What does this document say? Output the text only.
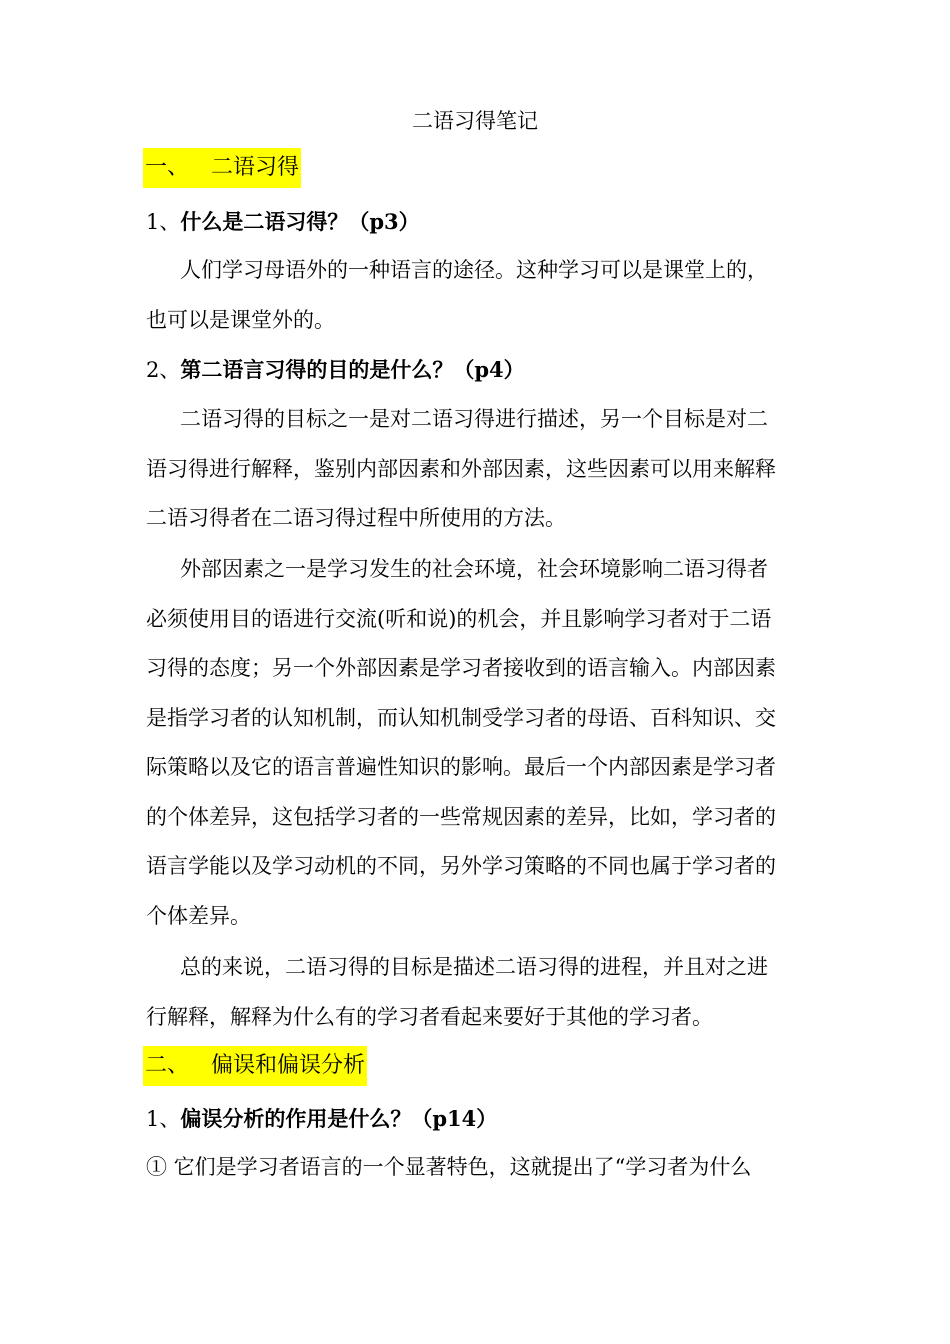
二语习得笔记
一、 二语习得
1、什么是二语习得？（p3）
人们学习母语外的一种语言的途径。这种学习可以是课堂上的，
也可以是课堂外的。
2、第二语言习得的目的是什么？（p4）
二语习得的目标之一是对二语习得进行描述，另一个目标是对二
语习得进行解释，鉴别内部因素和外部因素，这些因素可以用来解释
二语习得者在二语习得过程中所使用的方法。
外部因素之一是学习发生的社会环境，社会环境影响二语习得者
必须使用目的语进行交流(听和说)的机会，并且影响学习者对于二语
习得的态度；另一个外部因素是学习者接收到的语言输入。内部因素
是指学习者的认知机制，而认知机制受学习者的母语、百科知识、交
际策略以及它的语言普遍性知识的影响。最后一个内部因素是学习者
的个体差异，这包括学习者的一些常规因素的差异，比如，学习者的
语言学能以及学习动机的不同，另外学习策略的不同也属于学习者的
个体差异。
总的来说，二语习得的目标是描述二语习得的进程，并且对之进
行解释，解释为什么有的学习者看起来要好于其他的学习者。
二、 偏误和偏误分析
1、偏误分析的作用是什么？（p14）
① 它们是学习者语言的一个显著特色，这就提出了“学习者为什么
